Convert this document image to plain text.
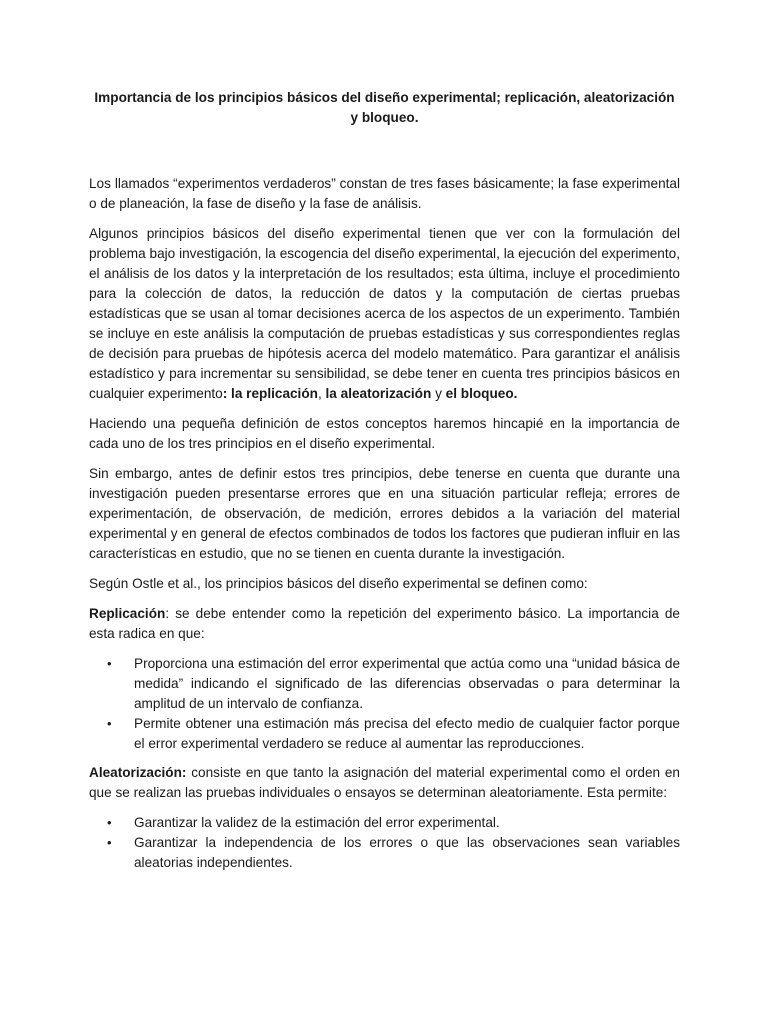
Importancia de los principios básicos del diseño experimental; replicación, aleatorización y bloqueo.

Los llamados “experimentos verdaderos” constan de tres fases básicamente; la fase experimental o de planeación, la fase de diseño y la fase de análisis.

Algunos principios básicos del diseño experimental tienen que ver con la formulación del problema bajo investigación, la escogencia del diseño experimental, la ejecución del experimento, el análisis de los datos y la interpretación de los resultados; esta última, incluye el procedimiento para la colección de datos, la reducción de datos y la computación de ciertas pruebas estadísticas que se usan al tomar decisiones acerca de los aspectos de un experimento. También se incluye en este análisis la computación de pruebas estadísticas y sus correspondientes reglas de decisión para pruebas de hipótesis acerca del modelo matemático. Para garantizar el análisis estadístico y para incrementar su sensibilidad, se debe tener en cuenta tres principios básicos en cualquier experimento: la replicación, la aleatorización y el bloqueo.

Haciendo una pequeña definición de estos conceptos haremos hincapié en la importancia de cada uno de los tres principios en el diseño experimental.

Sin embargo, antes de definir estos tres principios, debe tenerse en cuenta que durante una investigación pueden presentarse errores que en una situación particular refleja; errores de experimentación, de observación, de medición, errores debidos a la variación del material experimental y en general de efectos combinados de todos los factores que pudieran influir en las características en estudio, que no se tienen en cuenta durante la investigación.

Según Ostle et al., los principios básicos del diseño experimental se definen como:

Replicación: se debe entender como la repetición del experimento básico. La importancia de esta radica en que:

• Proporciona una estimación del error experimental que actúa como una “unidad básica de medida” indicando el significado de las diferencias observadas o para determinar la amplitud de un intervalo de confianza.
• Permite obtener una estimación más precisa del efecto medio de cualquier factor porque el error experimental verdadero se reduce al aumentar las reproducciones.

Aleatorización: consiste en que tanto la asignación del material experimental como el orden en que se realizan las pruebas individuales o ensayos se determinan aleatoriamente. Esta permite:

• Garantizar la validez de la estimación del error experimental.
• Garantizar la independencia de los errores o que las observaciones sean variables aleatorias independientes.
